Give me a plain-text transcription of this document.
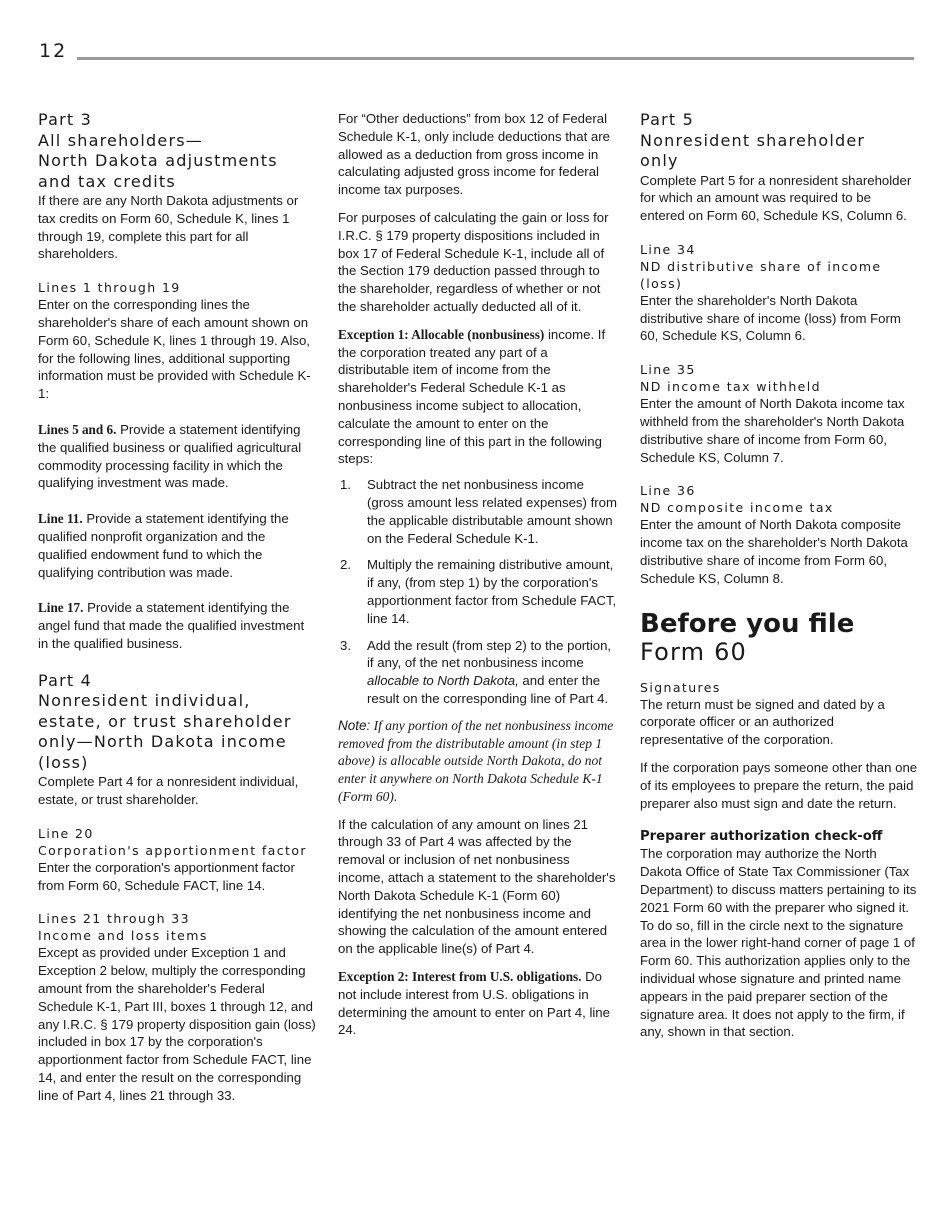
12
Part 3
All shareholders—
North Dakota adjustments
and tax credits

If there are any North Dakota adjustments or tax credits on Form 60, Schedule K, lines 1 through 19, complete this part for all shareholders.

Lines 1 through 19

Enter on the corresponding lines the shareholder's share of each amount shown on Form 60, Schedule K, lines 1 through 19. Also, for the following lines, additional supporting information must be provided with Schedule K-1:

Lines 5 and 6. Provide a statement identifying the qualified business or qualified agricultural commodity processing facility in which the qualifying investment was made.

Line 11. Provide a statement identifying the qualified nonprofit organization and the qualified endowment fund to which the qualifying contribution was made.

Line 17. Provide a statement identifying the angel fund that made the qualified investment in the qualified business.

Part 4
Nonresident individual,
estate, or trust shareholder
only—North Dakota income
(loss)

Complete Part 4 for a nonresident individual, estate, or trust shareholder.

Line 20
Corporation's apportionment factor

Enter the corporation's apportionment factor from Form 60, Schedule FACT, line 14.

Lines 21 through 33
Income and loss items

Except as provided under Exception 1 and Exception 2 below, multiply the corresponding amount from the shareholder's Federal Schedule K-1, Part III, boxes 1 through 12, and any I.R.C. § 179 property disposition gain (loss) included in box 17 by the corporation's apportionment factor from Schedule FACT, line 14, and enter the result on the corresponding line of Part 4, lines 21 through 33.

For “Other deductions” from box 12 of Federal Schedule K-1, only include deductions that are allowed as a deduction from gross income in calculating adjusted gross income for federal income tax purposes.

For purposes of calculating the gain or loss for I.R.C. § 179 property dispositions included in box 17 of Federal Schedule K-1, include all of the Section 179 deduction passed through to the shareholder, regardless of whether or not the shareholder actually deducted all of it.

Exception 1: Allocable (nonbusiness) income. If the corporation treated any part of a distributable item of income from the shareholder's Federal Schedule K-1 as nonbusiness income subject to allocation, calculate the amount to enter on the corresponding line of this part in the following steps:

1. Subtract the net nonbusiness income (gross amount less related expenses) from the applicable distributable amount shown on the Federal Schedule K-1.
2. Multiply the remaining distributive amount, if any, (from step 1) by the corporation's apportionment factor from Schedule FACT, line 14.
3. Add the result (from step 2) to the portion, if any, of the net nonbusiness income allocable to North Dakota, and enter the result on the corresponding line of Part 4.

Note: If any portion of the net nonbusiness income removed from the distributable amount (in step 1 above) is allocable outside North Dakota, do not enter it anywhere on North Dakota Schedule K-1 (Form 60).

If the calculation of any amount on lines 21 through 33 of Part 4 was affected by the removal or inclusion of net nonbusiness income, attach a statement to the shareholder's North Dakota Schedule K-1 (Form 60) identifying the net nonbusiness income and showing the calculation of the amount entered on the applicable line(s) of Part 4.

Exception 2: Interest from U.S. obligations. Do not include interest from U.S. obligations in determining the amount to enter on Part 4, line 24.

Part 5
Nonresident shareholder
only

Complete Part 5 for a nonresident shareholder for which an amount was required to be entered on Form 60, Schedule KS, Column 6.

Line 34
ND distributive share of income (loss)

Enter the shareholder's North Dakota distributive share of income (loss) from Form 60, Schedule KS, Column 6.

Line 35
ND income tax withheld

Enter the amount of North Dakota income tax withheld from the shareholder's North Dakota distributive share of income from Form 60, Schedule KS, Column 7.

Line 36
ND composite income tax

Enter the amount of North Dakota composite income tax on the shareholder's North Dakota distributive share of income from Form 60, Schedule KS, Column 8.

Before you file
Form 60
Signatures

The return must be signed and dated by a corporate officer or an authorized representative of the corporation.

If the corporation pays someone other than one of its employees to prepare the return, the paid preparer also must sign and date the return.

Preparer authorization check-off

The corporation may authorize the North Dakota Office of State Tax Commissioner (Tax Department) to discuss matters pertaining to its 2021 Form 60 with the preparer who signed it. To do so, fill in the circle next to the signature area in the lower right-hand corner of page 1 of Form 60. This authorization applies only to the individual whose signature and printed name appears in the paid preparer section of the signature area. It does not apply to the firm, if any, shown in that section.
